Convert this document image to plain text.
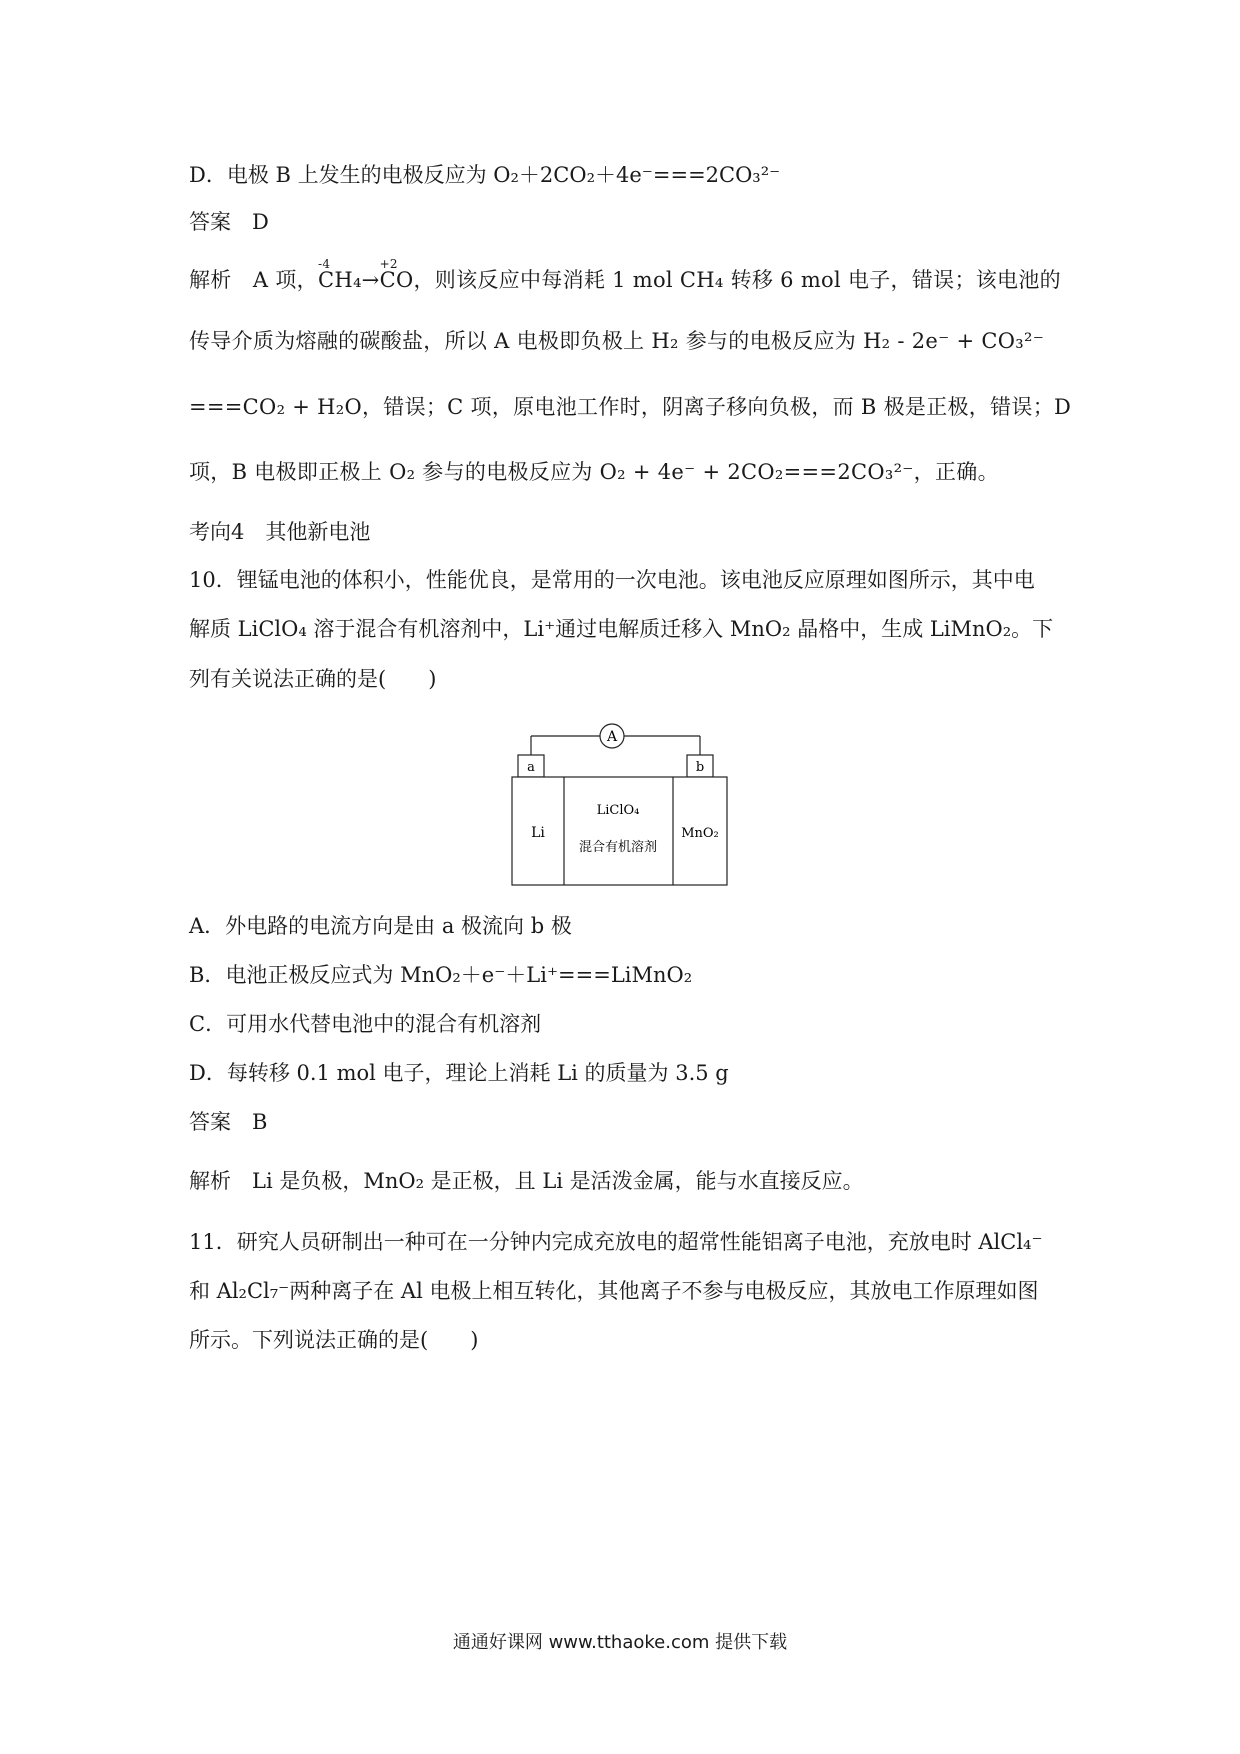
D．电极 B 上发生的电极反应为 O₂＋2CO₂＋4e⁻===2CO₃²⁻
答案　 D
解析　 A 项，
-4
CH₄→
+2
CO，则该反应中每消耗 1 mol CH₄ 转移 6 mol 电子，错误；该电池的
传导介质为熔融的碳酸盐，所以 A 电极即负极上 H₂ 参与的电极反应为 H₂ - 2e⁻ + CO₃²⁻
===CO₂ + H₂O，错误；C 项，原电池工作时，阴离子移向负极，而 B 极是正极，错误；D
项，B 电极即正极上 O₂ 参与的电极反应为 O₂ + 4e⁻ + 2CO₂===2CO₃²⁻，正确。
考向4　其他新电池
10．锂锰电池的体积小，性能优良，是常用的一次电池。该电池反应原理如图所示，其中电
解质 LiClO₄ 溶于混合有机溶剂中，Li⁺通过电解质迁移入 MnO₂ 晶格中，生成 LiMnO₂。下
列有关说法正确的是(　　)
A
a	b
Li
LiClO₄
混合有机溶剂
MnO₂
A．外电路的电流方向是由 a 极流向 b 极
B．电池正极反应式为 MnO₂＋e⁻＋Li⁺===LiMnO₂
C．可用水代替电池中的混合有机溶剂
D．每转移 0.1 mol 电子，理论上消耗 Li 的质量为 3.5 g
答案　 B
解析　 Li 是负极，MnO₂ 是正极，且 Li 是活泼金属，能与水直接反应。
11．研究人员研制出一种可在一分钟内完成充放电的超常性能铝离子电池，充放电时 AlCl₄⁻
和 Al₂Cl₇⁻两种离子在 Al 电极上相互转化，其他离子不参与电极反应，其放电工作原理如图
所示。下列说法正确的是(　　)
通通好课网 www.tthaoke.com 提供下载
